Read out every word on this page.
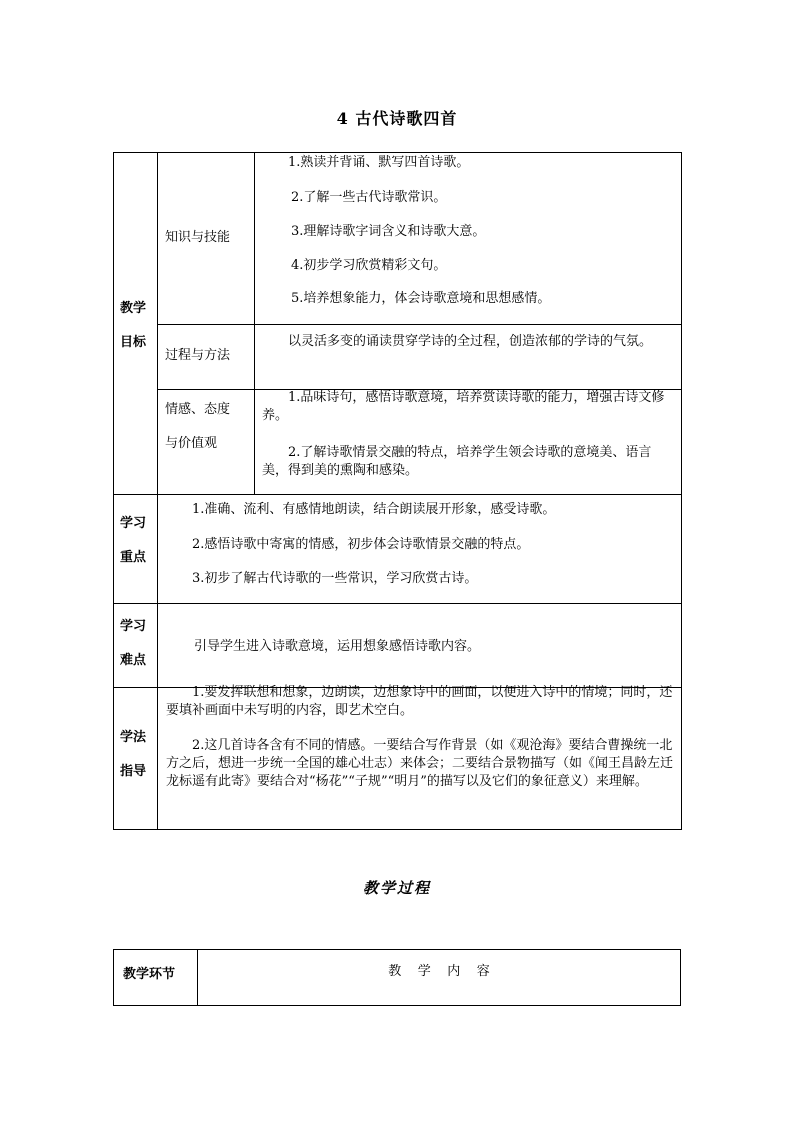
4 古代诗歌四首
教学
目标
知识与技能
1.熟读并背诵、默写四首诗歌。
2.了解一些古代诗歌常识。
3.理解诗歌字词含义和诗歌大意。
4.初步学习欣赏精彩文句。
5.培养想象能力，体会诗歌意境和思想感情。
过程与方法
以灵活多变的诵读贯穿学诗的全过程，创造浓郁的学诗的气氛。
情感、态度
与价值观
1.品味诗句，感悟诗歌意境，培养赏读诗歌的能力，增强古诗文修养。
2.了解诗歌情景交融的特点，培养学生领会诗歌的意境美、语言美，得到美的熏陶和感染。
学习
重点
1.准确、流利、有感情地朗读，结合朗读展开形象，感受诗歌。
2.感悟诗歌中寄寓的情感，初步体会诗歌情景交融的特点。
3.初步了解古代诗歌的一些常识，学习欣赏古诗。
学习
难点
引导学生进入诗歌意境，运用想象感悟诗歌内容。
学法
指导
1.要发挥联想和想象，边朗读，边想象诗中的画面，以便进入诗中的情境；同时，还要填补画面中未写明的内容，即艺术空白。
2.这几首诗各含有不同的情感。一要结合写作背景（如《观沧海》要结合曹操统一北方之后，想进一步统一全国的雄心壮志）来体会；二要结合景物描写（如《闻王昌龄左迁龙标遥有此寄》要结合对“杨花”“子规”“明月”的描写以及它们的象征意义）来理解。
教学过程
教学环节	教    学    内    容
